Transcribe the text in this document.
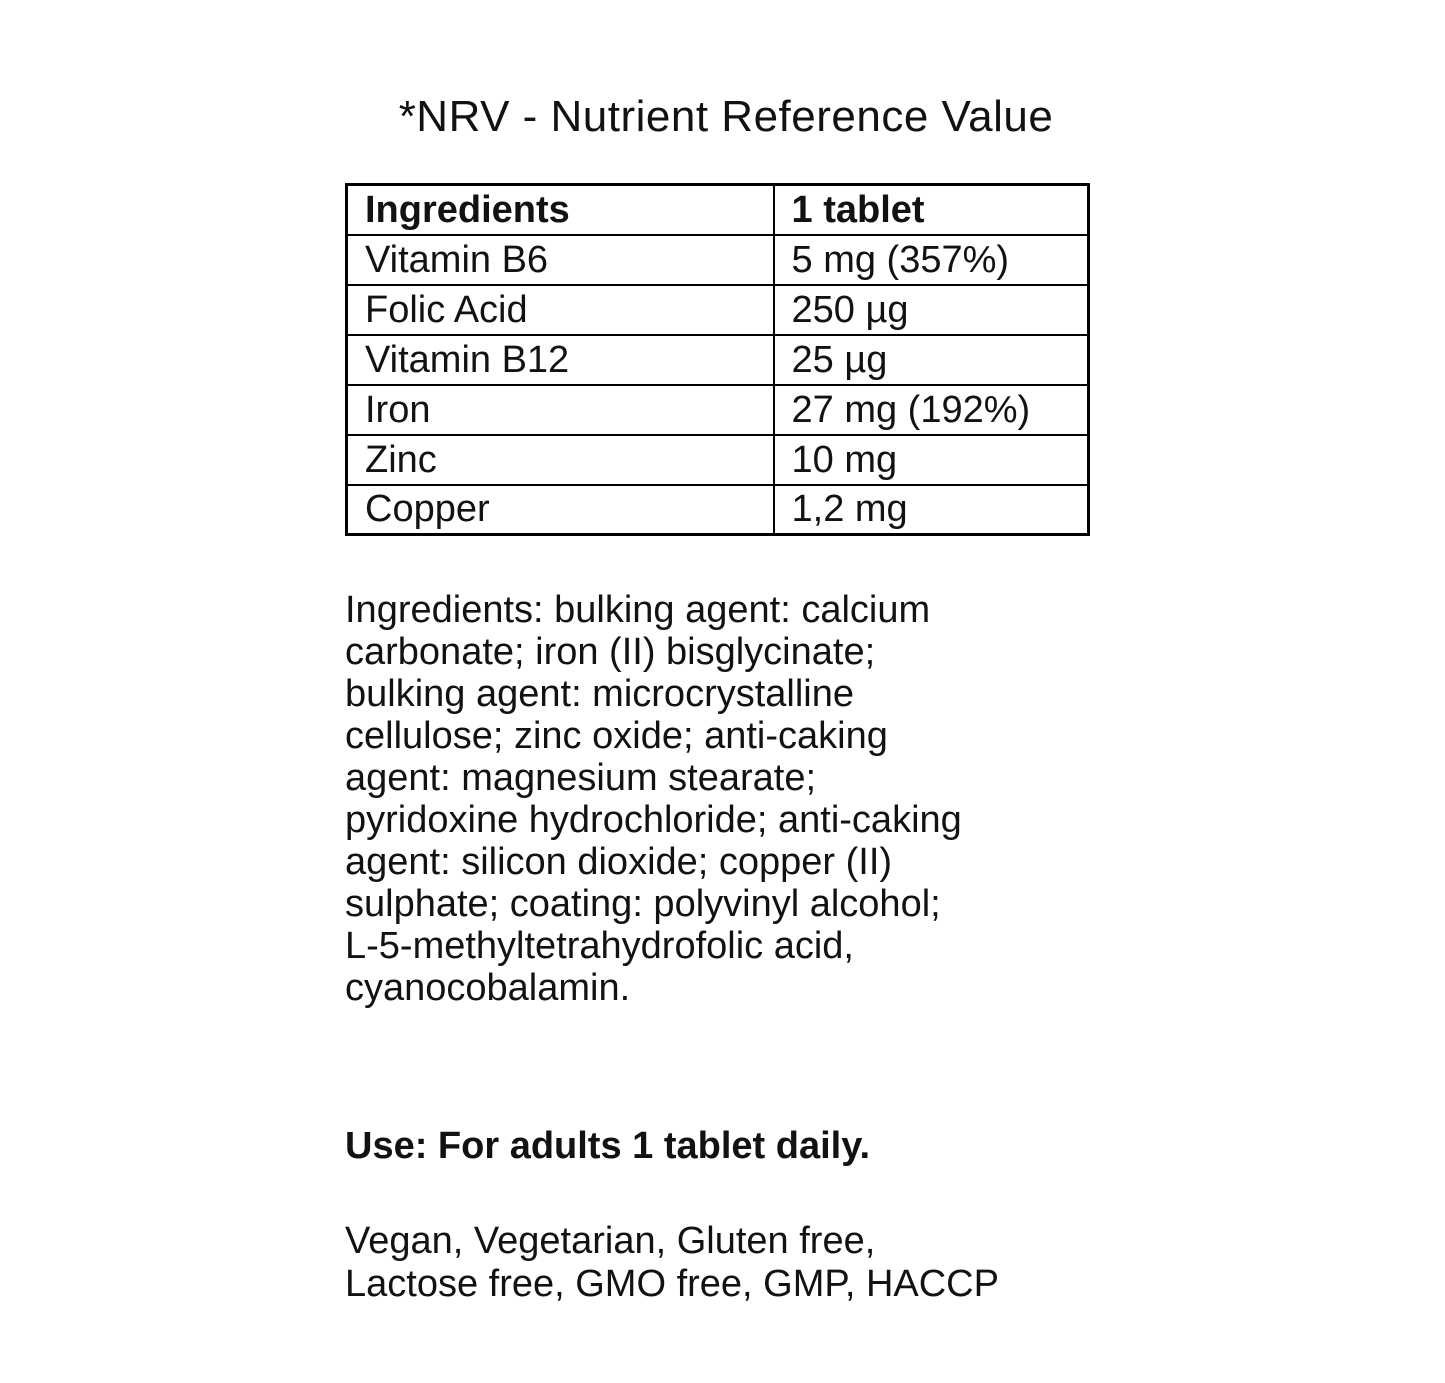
*NRV - Nutrient Reference Value
Ingredients	1 tablet
Vitamin B6	5 mg (357%)
Folic Acid	250 µg
Vitamin B12	25 µg
Iron	27 mg (192%)
Zinc	10 mg
Copper	1,2 mg
Ingredients: bulking agent: calcium
carbonate; iron (II) bisglycinate;
bulking agent: microcrystalline
cellulose; zinc oxide; anti-caking
agent: magnesium stearate;
pyridoxine hydrochloride; anti-caking
agent: silicon dioxide; copper (II)
sulphate; coating: polyvinyl alcohol;
L-5-methyltetrahydrofolic acid,
cyanocobalamin.
Use: For adults 1 tablet daily.
Vegan, Vegetarian, Gluten free,
Lactose free, GMO free, GMP, HACCP
